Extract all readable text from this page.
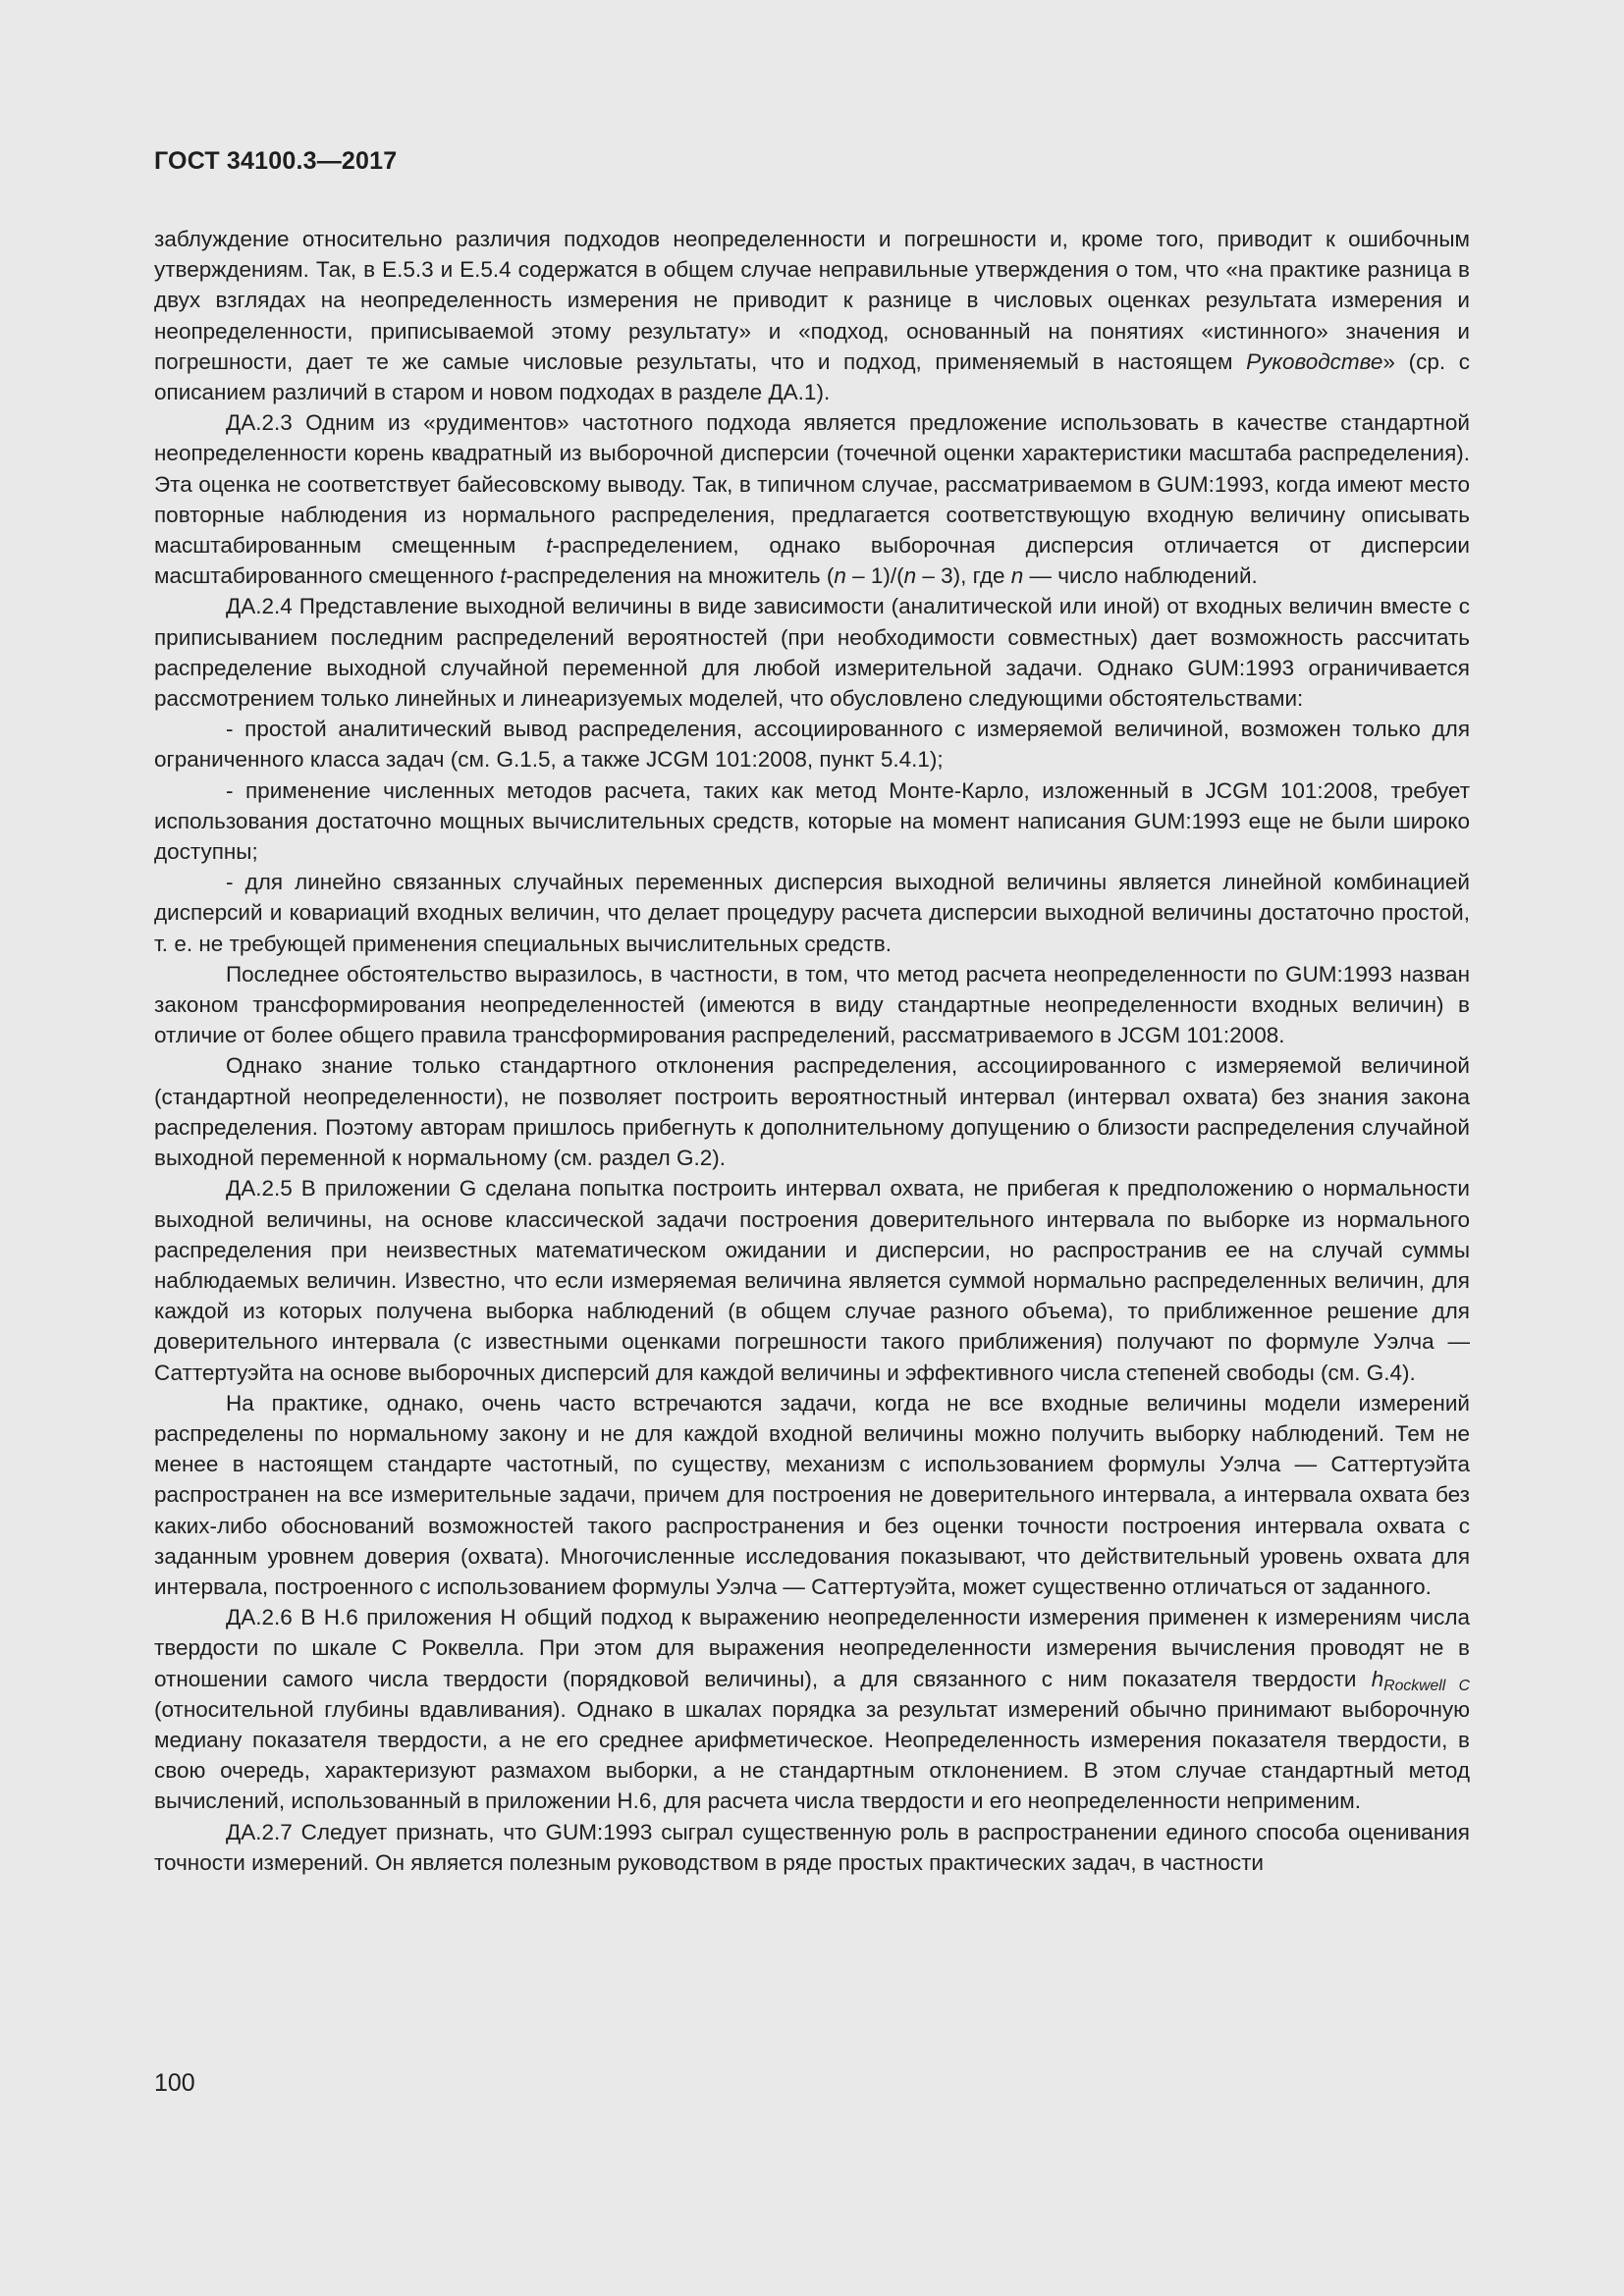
ГОСТ 34100.3—2017

заблуждение относительно различия подходов неопределенности и погрешности и, кроме того, приводит к ошибочным утверждениям. Так, в E.5.3 и E.5.4 содержатся в общем случае неправильные утверждения о том, что «на практике разница в двух взглядах на неопределенность измерения не приводит к разнице в числовых оценках результата измерения и неопределенности, приписываемой этому результату» и «подход, основанный на понятиях «истинного» значения и погрешности, дает те же самые числовые результаты, что и подход, применяемый в настоящем Руководстве» (ср. с описанием различий в старом и новом подходах в разделе ДА.1).

ДА.2.3 Одним из «рудиментов» частотного подхода является предложение использовать в качестве стандартной неопределенности корень квадратный из выборочной дисперсии (точечной оценки характеристики масштаба распределения). Эта оценка не соответствует байесовскому выводу. Так, в типичном случае, рассматриваемом в GUM:1993, когда имеют место повторные наблюдения из нормального распределения, предлагается соответствующую входную величину описывать масштабированным смещенным t-распределением, однако выборочная дисперсия отличается от дисперсии масштабированного смещенного t-распределения на множитель (n – 1)/(n – 3), где n — число наблюдений.

ДА.2.4 Представление выходной величины в виде зависимости (аналитической или иной) от входных величин вместе с приписыванием последним распределений вероятностей (при необходимости совместных) дает возможность рассчитать распределение выходной случайной переменной для любой измерительной задачи. Однако GUM:1993 ограничивается рассмотрением только линейных и линеаризуемых моделей, что обусловлено следующими обстоятельствами:

- простой аналитический вывод распределения, ассоциированного с измеряемой величиной, возможен только для ограниченного класса задач (см. G.1.5, а также JCGM 101:2008, пункт 5.4.1);

- применение численных методов расчета, таких как метод Монте-Карло, изложенный в JCGM 101:2008, требует использования достаточно мощных вычислительных средств, которые на момент написания GUM:1993 еще не были широко доступны;

- для линейно связанных случайных переменных дисперсия выходной величины является линейной комбинацией дисперсий и ковариаций входных величин, что делает процедуру расчета дисперсии выходной величины достаточно простой, т. е. не требующей применения специальных вычислительных средств.

Последнее обстоятельство выразилось, в частности, в том, что метод расчета неопределенности по GUM:1993 назван законом трансформирования неопределенностей (имеются в виду стандартные неопределенности входных величин) в отличие от более общего правила трансформирования распределений, рассматриваемого в JCGM 101:2008.

Однако знание только стандартного отклонения распределения, ассоциированного с измеряемой величиной (стандартной неопределенности), не позволяет построить вероятностный интервал (интервал охвата) без знания закона распределения. Поэтому авторам пришлось прибегнуть к дополнительному допущению о близости распределения случайной выходной переменной к нормальному (см. раздел G.2).

ДА.2.5 В приложении G сделана попытка построить интервал охвата, не прибегая к предположению о нормальности выходной величины, на основе классической задачи построения доверительного интервала по выборке из нормального распределения при неизвестных математическом ожидании и дисперсии, но распространив ее на случай суммы наблюдаемых величин. Известно, что если измеряемая величина является суммой нормально распределенных величин, для каждой из которых получена выборка наблюдений (в общем случае разного объема), то приближенное решение для доверительного интервала (с известными оценками погрешности такого приближения) получают по формуле Уэлча — Саттертуэйта на основе выборочных дисперсий для каждой величины и эффективного числа степеней свободы (см. G.4).

На практике, однако, очень часто встречаются задачи, когда не все входные величины модели измерений распределены по нормальному закону и не для каждой входной величины можно получить выборку наблюдений. Тем не менее в настоящем стандарте частотный, по существу, механизм с использованием формулы Уэлча — Саттертуэйта распространен на все измерительные задачи, причем для построения не доверительного интервала, а интервала охвата без каких-либо обоснований возможностей такого распространения и без оценки точности построения интервала охвата с заданным уровнем доверия (охвата). Многочисленные исследования показывают, что действительный уровень охвата для интервала, построенного с использованием формулы Уэлча — Саттертуэйта, может существенно отличаться от заданного.

ДА.2.6 В H.6 приложения H общий подход к выражению неопределенности измерения применен к измерениям числа твердости по шкале С Роквелла. При этом для выражения неопределенности измерения вычисления проводят не в отношении самого числа твердости (порядковой величины), а для связанного с ним показателя твердости $h_{Rockwell C}$ (относительной глубины вдавливания). Однако в шкалах порядка за результат измерений обычно принимают выборочную медиану показателя твердости, а не его среднее арифметическое. Неопределенность измерения показателя твердости, в свою очередь, характеризуют размахом выборки, а не стандартным отклонением. В этом случае стандартный метод вычислений, использованный в приложении H.6, для расчета числа твердости и его неопределенности неприменим.

ДА.2.7 Следует признать, что GUM:1993 сыграл существенную роль в распространении единого способа оценивания точности измерений. Он является полезным руководством в ряде простых практических задач, в частности

100
